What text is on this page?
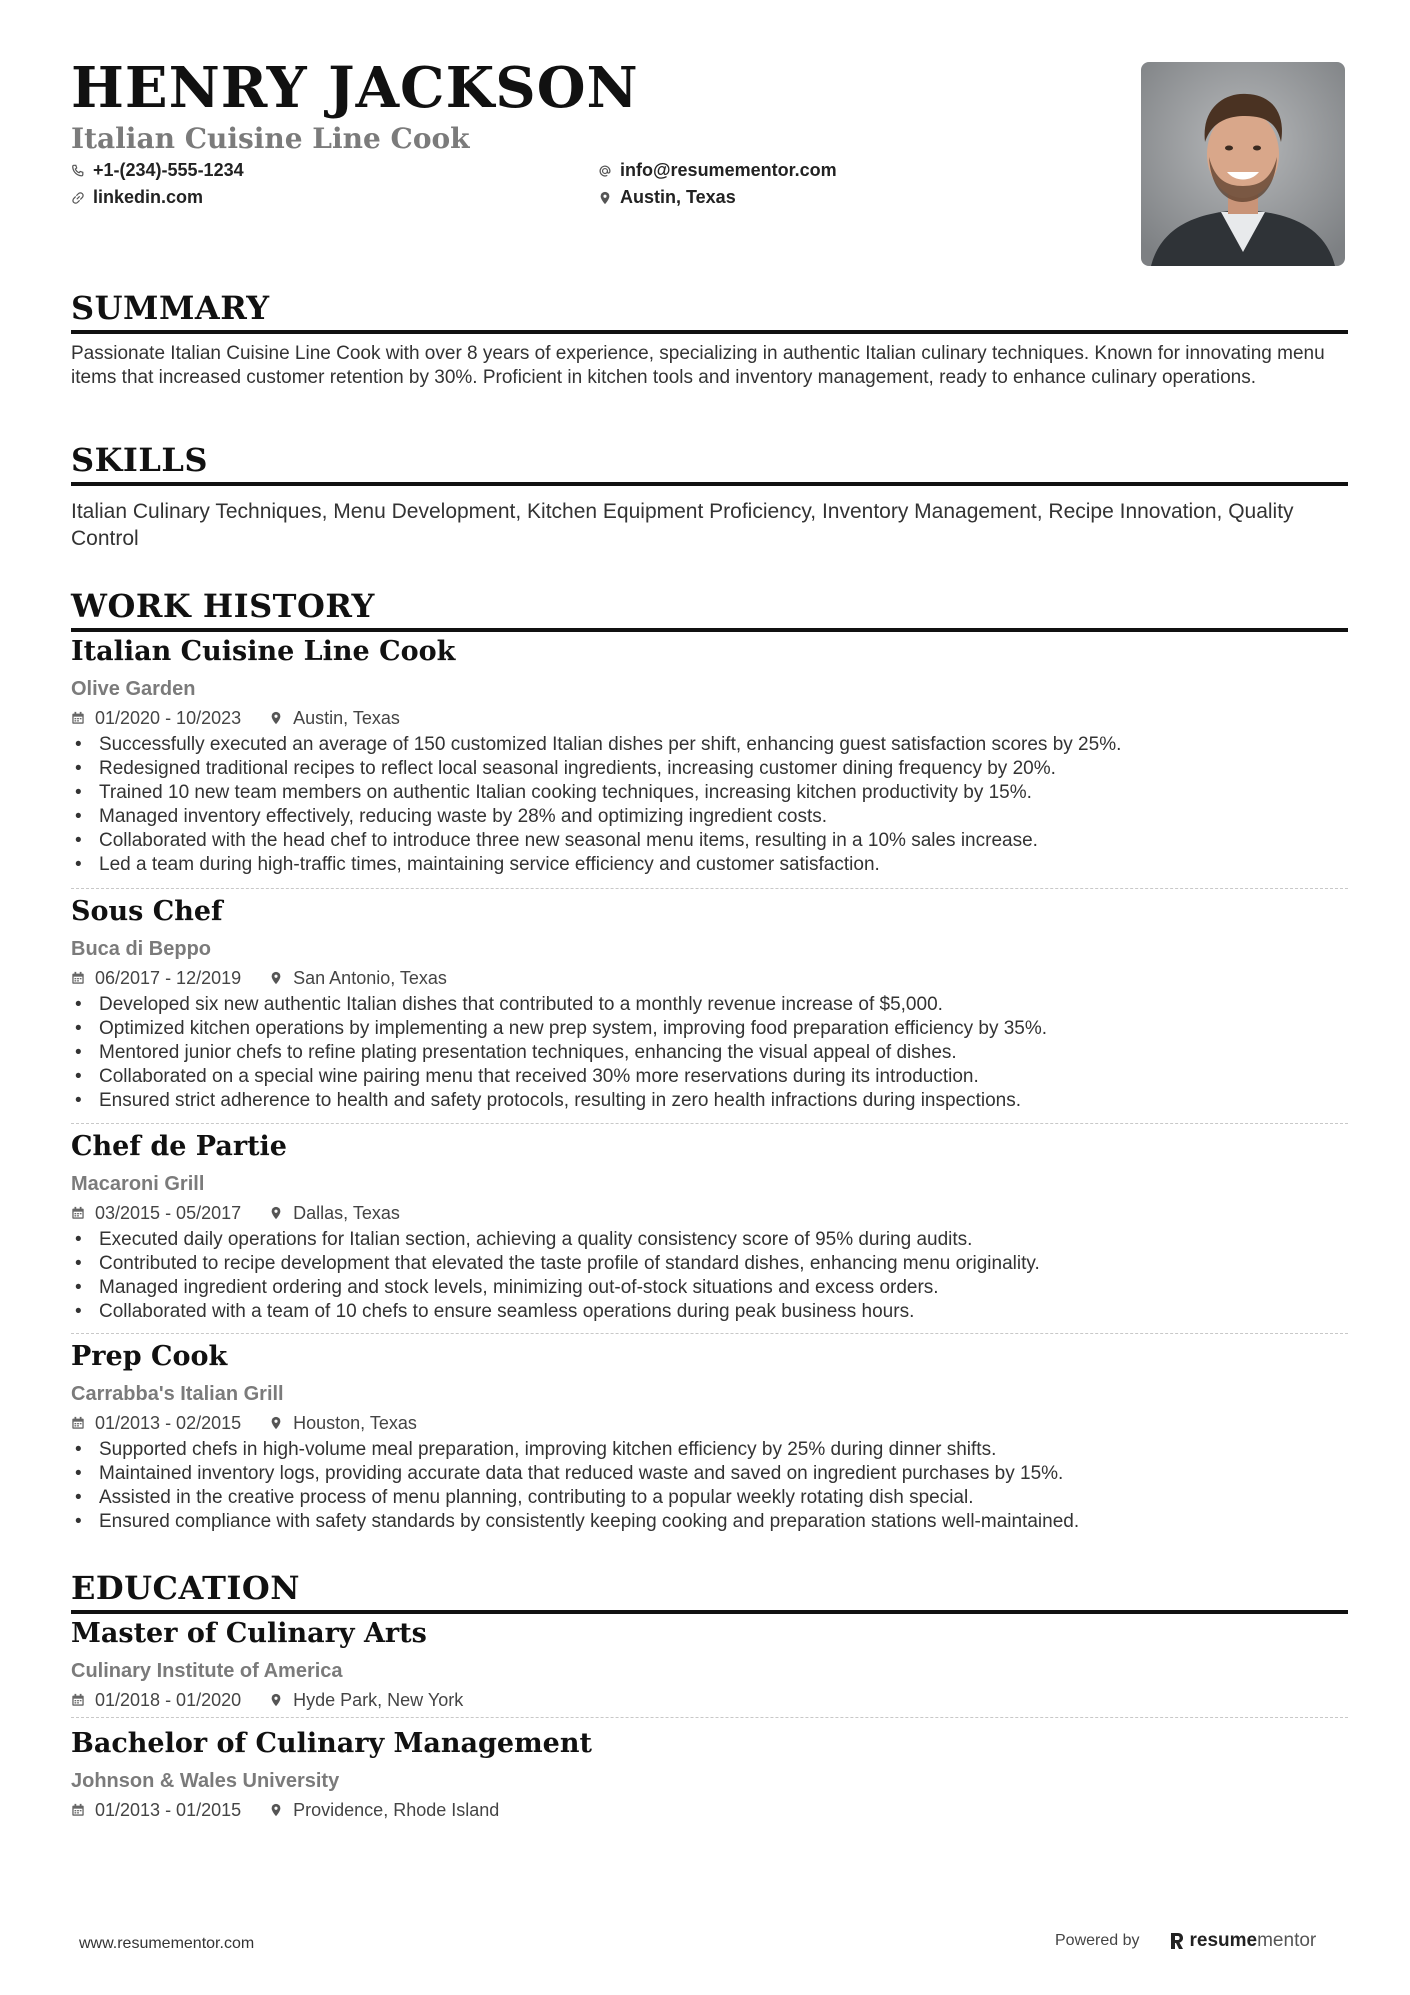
HENRY JACKSON
Italian Cuisine Line Cook
+1-(234)-555-1234	info@resumementor.com
linkedin.com	Austin, Texas
SUMMARY
Passionate Italian Cuisine Line Cook with over 8 years of experience, specializing in authentic Italian culinary techniques. Known for innovating menu items that increased customer retention by 30%. Proficient in kitchen tools and inventory management, ready to enhance culinary operations.
SKILLS
Italian Culinary Techniques, Menu Development, Kitchen Equipment Proficiency, Inventory Management, Recipe Innovation, Quality Control
WORK HISTORY
Italian Cuisine Line Cook
Olive Garden
01/2020 - 10/2023	Austin, Texas
• Successfully executed an average of 150 customized Italian dishes per shift, enhancing guest satisfaction scores by 25%.
• Redesigned traditional recipes to reflect local seasonal ingredients, increasing customer dining frequency by 20%.
• Trained 10 new team members on authentic Italian cooking techniques, increasing kitchen productivity by 15%.
• Managed inventory effectively, reducing waste by 28% and optimizing ingredient costs.
• Collaborated with the head chef to introduce three new seasonal menu items, resulting in a 10% sales increase.
• Led a team during high-traffic times, maintaining service efficiency and customer satisfaction.
Sous Chef
Buca di Beppo
06/2017 - 12/2019	San Antonio, Texas
• Developed six new authentic Italian dishes that contributed to a monthly revenue increase of $5,000.
• Optimized kitchen operations by implementing a new prep system, improving food preparation efficiency by 35%.
• Mentored junior chefs to refine plating presentation techniques, enhancing the visual appeal of dishes.
• Collaborated on a special wine pairing menu that received 30% more reservations during its introduction.
• Ensured strict adherence to health and safety protocols, resulting in zero health infractions during inspections.
Chef de Partie
Macaroni Grill
03/2015 - 05/2017	Dallas, Texas
• Executed daily operations for Italian section, achieving a quality consistency score of 95% during audits.
• Contributed to recipe development that elevated the taste profile of standard dishes, enhancing menu originality.
• Managed ingredient ordering and stock levels, minimizing out-of-stock situations and excess orders.
• Collaborated with a team of 10 chefs to ensure seamless operations during peak business hours.
Prep Cook
Carrabba's Italian Grill
01/2013 - 02/2015	Houston, Texas
• Supported chefs in high-volume meal preparation, improving kitchen efficiency by 25% during dinner shifts.
• Maintained inventory logs, providing accurate data that reduced waste and saved on ingredient purchases by 15%.
• Assisted in the creative process of menu planning, contributing to a popular weekly rotating dish special.
• Ensured compliance with safety standards by consistently keeping cooking and preparation stations well-maintained.
EDUCATION
Master of Culinary Arts
Culinary Institute of America
01/2018 - 01/2020	Hyde Park, New York
Bachelor of Culinary Management
Johnson & Wales University
01/2013 - 01/2015	Providence, Rhode Island
www.resumementor.com	Powered by	resume mentor
